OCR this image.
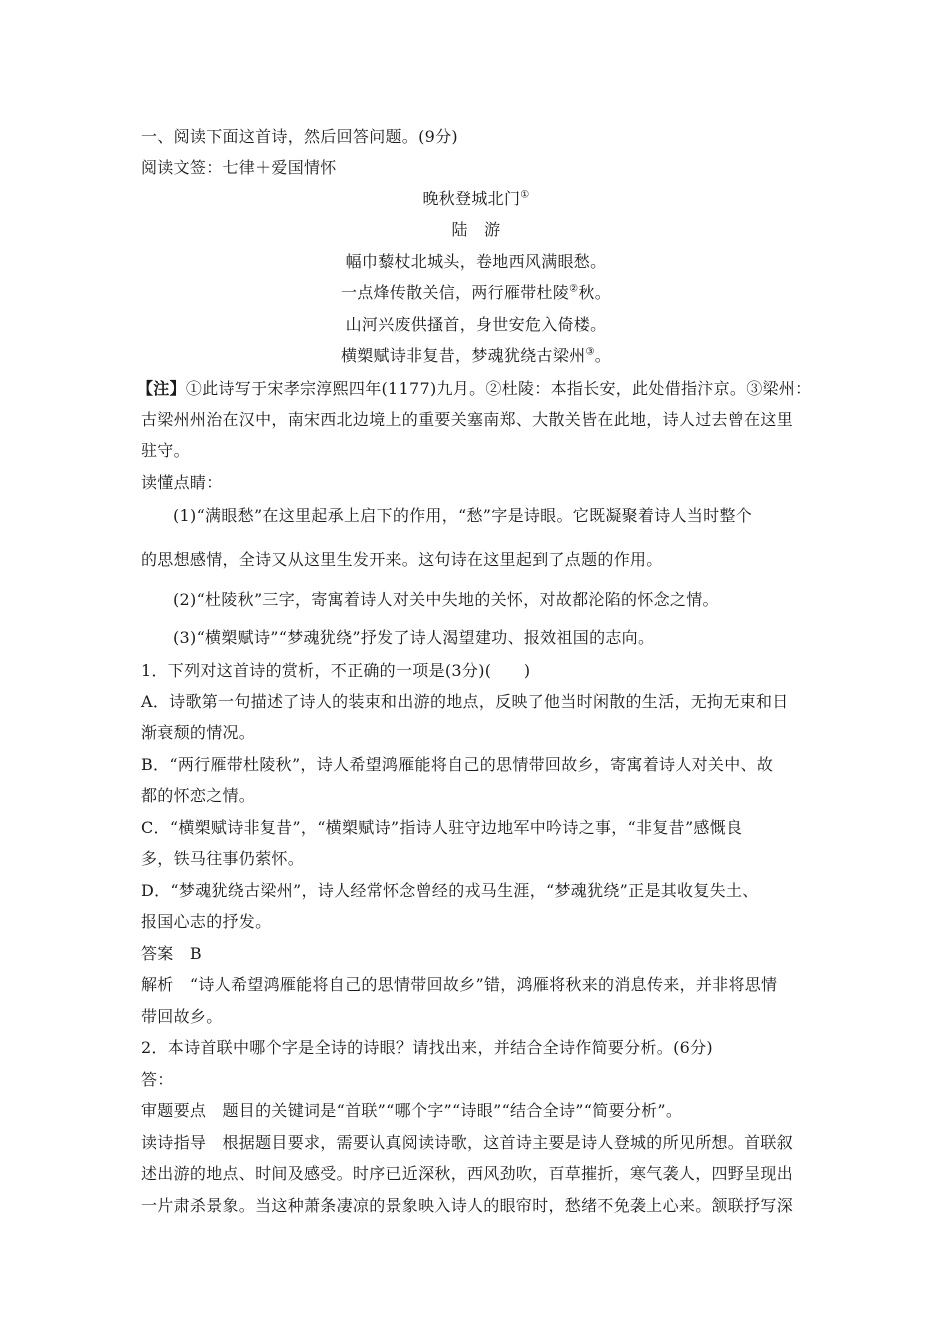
一、阅读下面这首诗，然后回答问题。(9分)
阅读文签：七律＋爱国情怀
晚秋登城北门①
陆　游
幅巾藜杖北城头，卷地西风满眼愁。
一点烽传散关信，两行雁带杜陵②秋。
山河兴废供搔首，身世安危入倚楼。
横槊赋诗非复昔，梦魂犹绕古梁州③。
【注】①此诗写于宋孝宗淳熙四年(1177)九月。②杜陵：本指长安，此处借指汴京。③梁州：
古梁州州治在汉中，南宋西北边境上的重要关塞南郑、大散关皆在此地，诗人过去曾在这里
驻守。
读懂点睛：
(1)“满眼愁”在这里起承上启下的作用，“愁”字是诗眼。它既凝聚着诗人当时整个
的思想感情，全诗又从这里生发开来。这句诗在这里起到了点题的作用。
(2)“杜陵秋”三字，寄寓着诗人对关中失地的关怀，对故都沦陷的怀念之情。
(3)“横槊赋诗”“梦魂犹绕”抒发了诗人渴望建功、报效祖国的志向。
1．下列对这首诗的赏析，不正确的一项是(3分)(　　)
A．诗歌第一句描述了诗人的装束和出游的地点，反映了他当时闲散的生活，无拘无束和日
渐衰颓的情况。
B．“两行雁带杜陵秋”，诗人希望鸿雁能将自己的思情带回故乡，寄寓着诗人对关中、故
都的怀恋之情。
C．“横槊赋诗非复昔”，“横槊赋诗”指诗人驻守边地军中吟诗之事，“非复昔”感慨良
多，铁马往事仍萦怀。
D．“梦魂犹绕古梁州”，诗人经常怀念曾经的戎马生涯，“梦魂犹绕”正是其收复失土、
报国心志的抒发。
答案　B
解析　“诗人希望鸿雁能将自己的思情带回故乡”错，鸿雁将秋来的消息传来，并非将思情
带回故乡。
2．本诗首联中哪个字是全诗的诗眼？请找出来，并结合全诗作简要分析。(6分)
答：
审题要点　题目的关键词是“首联”“哪个字”“诗眼”“结合全诗”“简要分析”。
读诗指导　根据题目要求，需要认真阅读诗歌，这首诗主要是诗人登城的所见所想。首联叙
述出游的地点、时间及感受。时序已近深秋，西风劲吹，百草摧折，寒气袭人，四野呈现出
一片肃杀景象。当这种萧条凄凉的景象映入诗人的眼帘时，愁绪不免袭上心来。颔联抒写深
